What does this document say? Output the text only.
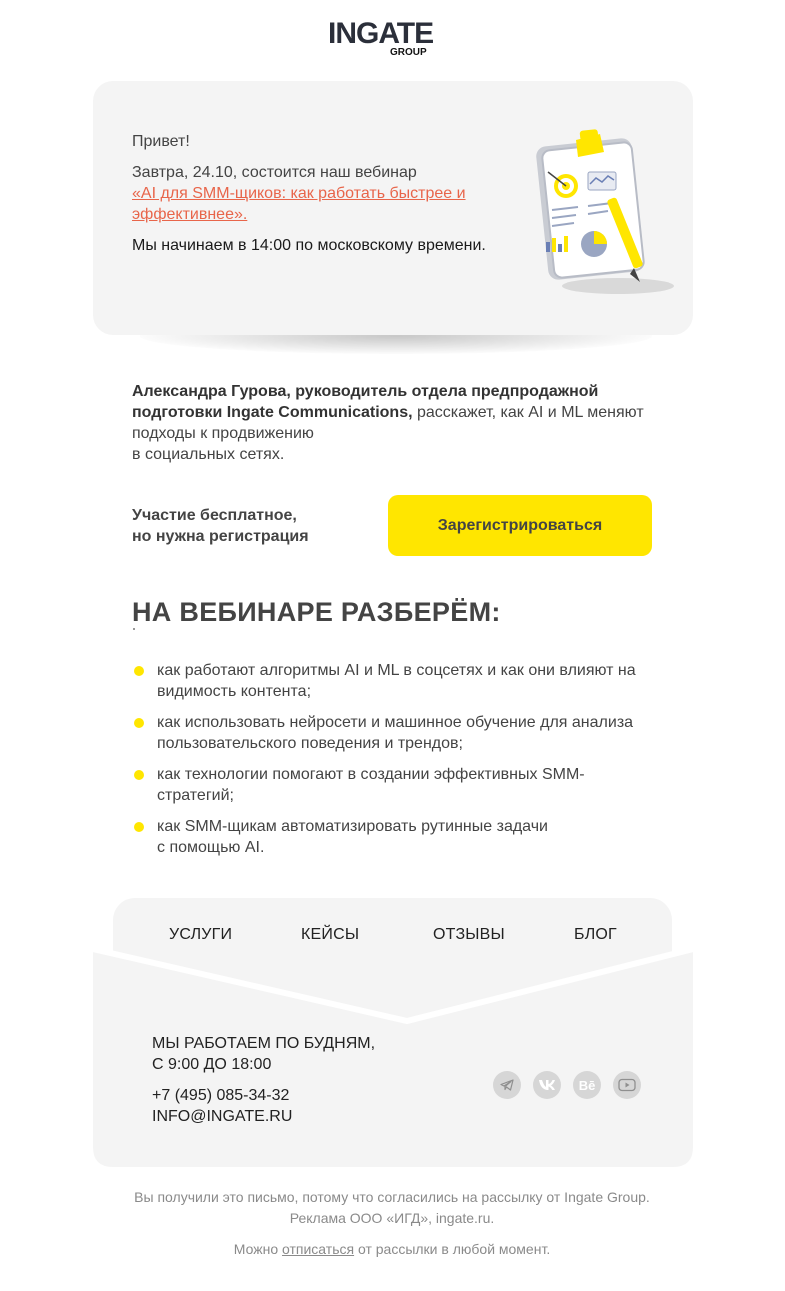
INGATE
GROUP
Привет!
Завтра, 24.10, состоится наш вебинар
«AI для SMM-щиков: как работать быстрее и эффективнее».
Мы начинаем в 14:00 по московскому времени.
Александра Гурова, руководитель отдела предпродажной подготовки Ingate Communications, расскажет, как AI и ML меняют подходы к продвижению
в социальных сетях.
Участие бесплатное,
но нужна регистрация
Зарегистрироваться
НА ВЕБИНАРЕ РАЗБЕРЁМ:
как работают алгоритмы AI и ML в соцсетях и как они влияют на видимость контента;
как использовать нейросети и машинное обучение для анализа пользовательского поведения и трендов;
как технологии помогают в создании эффективных SMM-стратегий;
как SMM-щикам автоматизировать рутинные задачи
с помощью AI.
УСЛУГИ	КЕЙСЫ	ОТЗЫВЫ	БЛОГ
МЫ РАБОТАЕМ ПО БУДНЯМ,
С 9:00 ДО 18:00
+7 (495) 085-34-32
INFO@INGATE.RU
Bē
Вы получили это письмо, потому что согласились на рассылку от Ingate Group.
Реклама ООО «ИГД», ingate.ru.
Можно отписаться от рассылки в любой момент.
